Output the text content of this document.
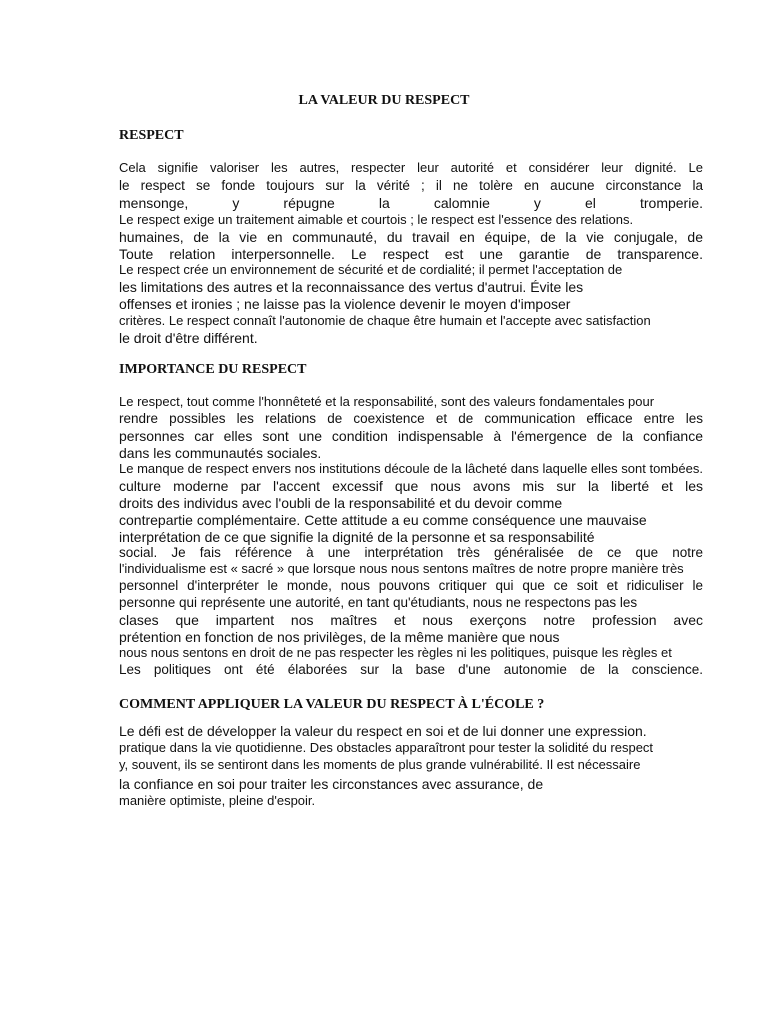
LA VALEUR DU RESPECT
RESPECT
Cela signifie valoriser les autres, respecter leur autorité et considérer leur dignité. Le
le respect se fonde toujours sur la vérité ; il ne tolère en aucune circonstance la
mensonge, y répugne la calomnie y el tromperie.
Le respect exige un traitement aimable et courtois ; le respect est l'essence des relations.
humaines, de la vie en communauté, du travail en équipe, de la vie conjugale, de
Toute relation interpersonnelle. Le respect est une garantie de transparence.
Le respect crée un environnement de sécurité et de cordialité; il permet l'acceptation de
les limitations des autres et la reconnaissance des vertus d'autrui. Évite les
offenses et ironies ; ne laisse pas la violence devenir le moyen d'imposer
critères. Le respect connaît l'autonomie de chaque être humain et l'accepte avec satisfaction
le droit d'être différent.
IMPORTANCE DU RESPECT
Le respect, tout comme l'honnêteté et la responsabilité, sont des valeurs fondamentales pour
rendre possibles les relations de coexistence et de communication efficace entre les
personnes car elles sont une condition indispensable à l'émergence de la confiance
dans les communautés sociales.
Le manque de respect envers nos institutions découle de la lâcheté dans laquelle elles sont tombées.
culture moderne par l'accent excessif que nous avons mis sur la liberté et les
droits des individus avec l'oubli de la responsabilité et du devoir comme
contrepartie complémentaire. Cette attitude a eu comme conséquence une mauvaise
interprétation de ce que signifie la dignité de la personne et sa responsabilité
social. Je fais référence à une interprétation très généralisée de ce que notre
l'individualisme est « sacré » que lorsque nous nous sentons maîtres de notre propre manière très
personnel d'interpréter le monde, nous pouvons critiquer qui que ce soit et ridiculiser le
personne qui représente une autorité, en tant qu'étudiants, nous ne respectons pas les
clases que impartent nos maîtres et nous exerçons notre profession avec
prétention en fonction de nos privilèges, de la même manière que nous
nous nous sentons en droit de ne pas respecter les règles ni les politiques, puisque les règles et
Les politiques ont été élaborées sur la base d'une autonomie de la conscience.
COMMENT APPLIQUER LA VALEUR DU RESPECT À L'ÉCOLE ?
Le défi est de développer la valeur du respect en soi et de lui donner une expression.
pratique dans la vie quotidienne. Des obstacles apparaîtront pour tester la solidité du respect
y, souvent, ils se sentiront dans les moments de plus grande vulnérabilité. Il est nécessaire
la confiance en soi pour traiter les circonstances avec assurance, de
manière optimiste, pleine d'espoir.
